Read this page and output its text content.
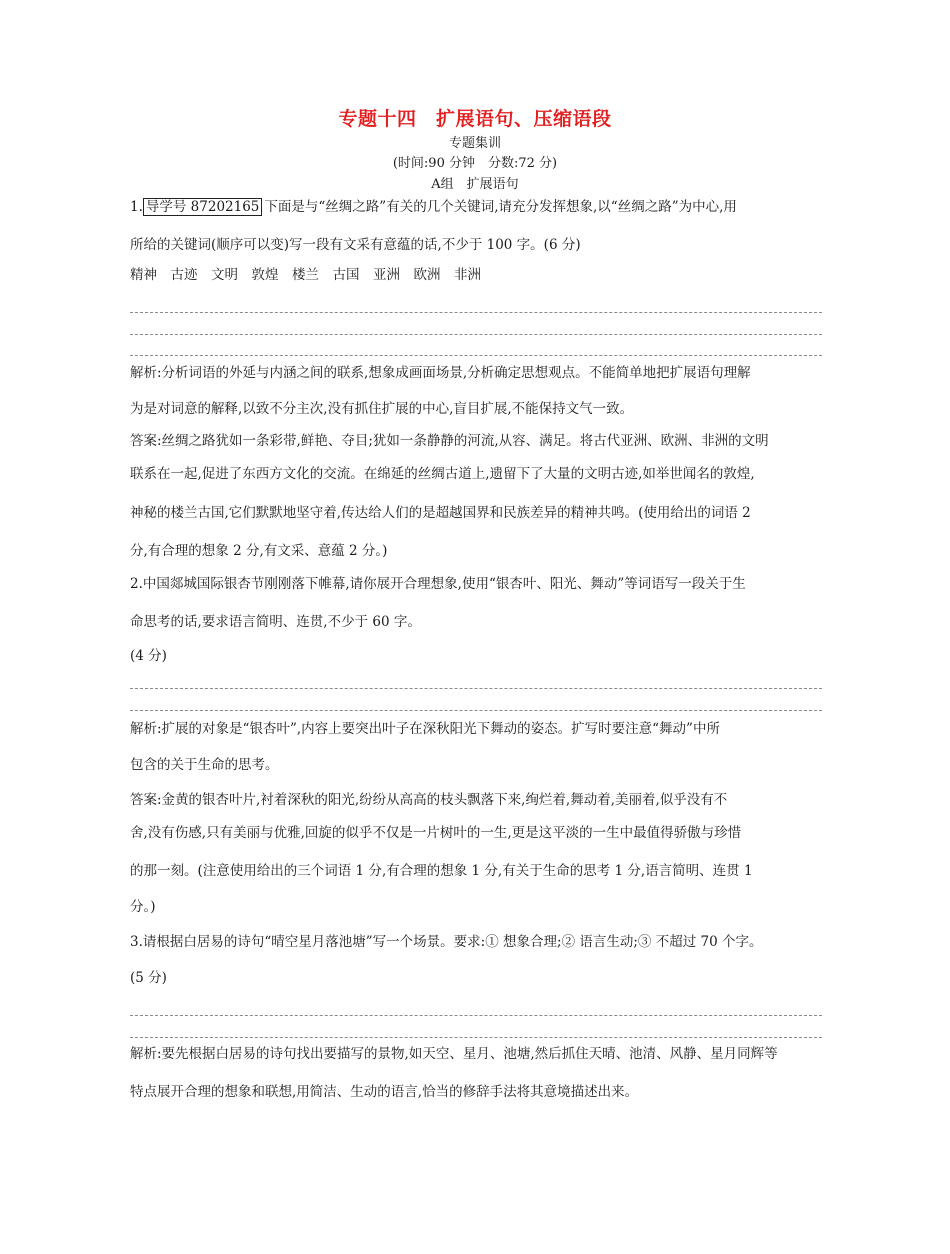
专题十四　扩展语句、压缩语段
专题集训
(时间:90 分钟　分数:72 分)
A组　扩展语句
1. 导学号 87202165 下面是与“丝绸之路”有关的几个关键词,请充分发挥想象,以“丝绸之路”为中心,用
所给的关键词(顺序可以变)写一段有文采有意蕴的话,不少于 100 字。(6 分)
精神　古迹　文明　敦煌　楼兰　古国　亚洲　欧洲　非洲
解析:分析词语的外延与内涵之间的联系,想象成画面场景,分析确定思想观点。不能简单地把扩展语句理解
为是对词意的解释,以致不分主次,没有抓住扩展的中心,盲目扩展,不能保持文气一致。
答案:丝绸之路犹如一条彩带,鲜艳、夺目;犹如一条静静的河流,从容、满足。将古代亚洲、欧洲、非洲的文明
联系在一起,促进了东西方文化的交流。在绵延的丝绸古道上,遗留下了大量的文明古迹,如举世闻名的敦煌,
神秘的楼兰古国,它们默默地坚守着,传达给人们的是超越国界和民族差异的精神共鸣。(使用给出的词语 2
分,有合理的想象 2 分,有文采、意蕴 2 分。)
2.中国郯城国际银杏节刚刚落下帷幕,请你展开合理想象,使用“银杏叶、阳光、舞动”等词语写一段关于生
命思考的话,要求语言简明、连贯,不少于 60 字。
(4 分)
解析:扩展的对象是“银杏叶”,内容上要突出叶子在深秋阳光下舞动的姿态。扩写时要注意“舞动”中所
包含的关于生命的思考。
答案:金黄的银杏叶片,衬着深秋的阳光,纷纷从高高的枝头飘落下来,绚烂着,舞动着,美丽着,似乎没有不
舍,没有伤感,只有美丽与优雅,回旋的似乎不仅是一片树叶的一生,更是这平淡的一生中最值得骄傲与珍惜
的那一刻。(注意使用给出的三个词语 1 分,有合理的想象 1 分,有关于生命的思考 1 分,语言简明、连贯 1
分。)
3.请根据白居易的诗句“晴空星月落池塘”写一个场景。要求:① 想象合理;② 语言生动;③ 不超过 70 个字。
(5 分)
解析:要先根据白居易的诗句找出要描写的景物,如天空、星月、池塘,然后抓住天晴、池清、风静、星月同辉等
特点展开合理的想象和联想,用简洁、生动的语言,恰当的修辞手法将其意境描述出来。
